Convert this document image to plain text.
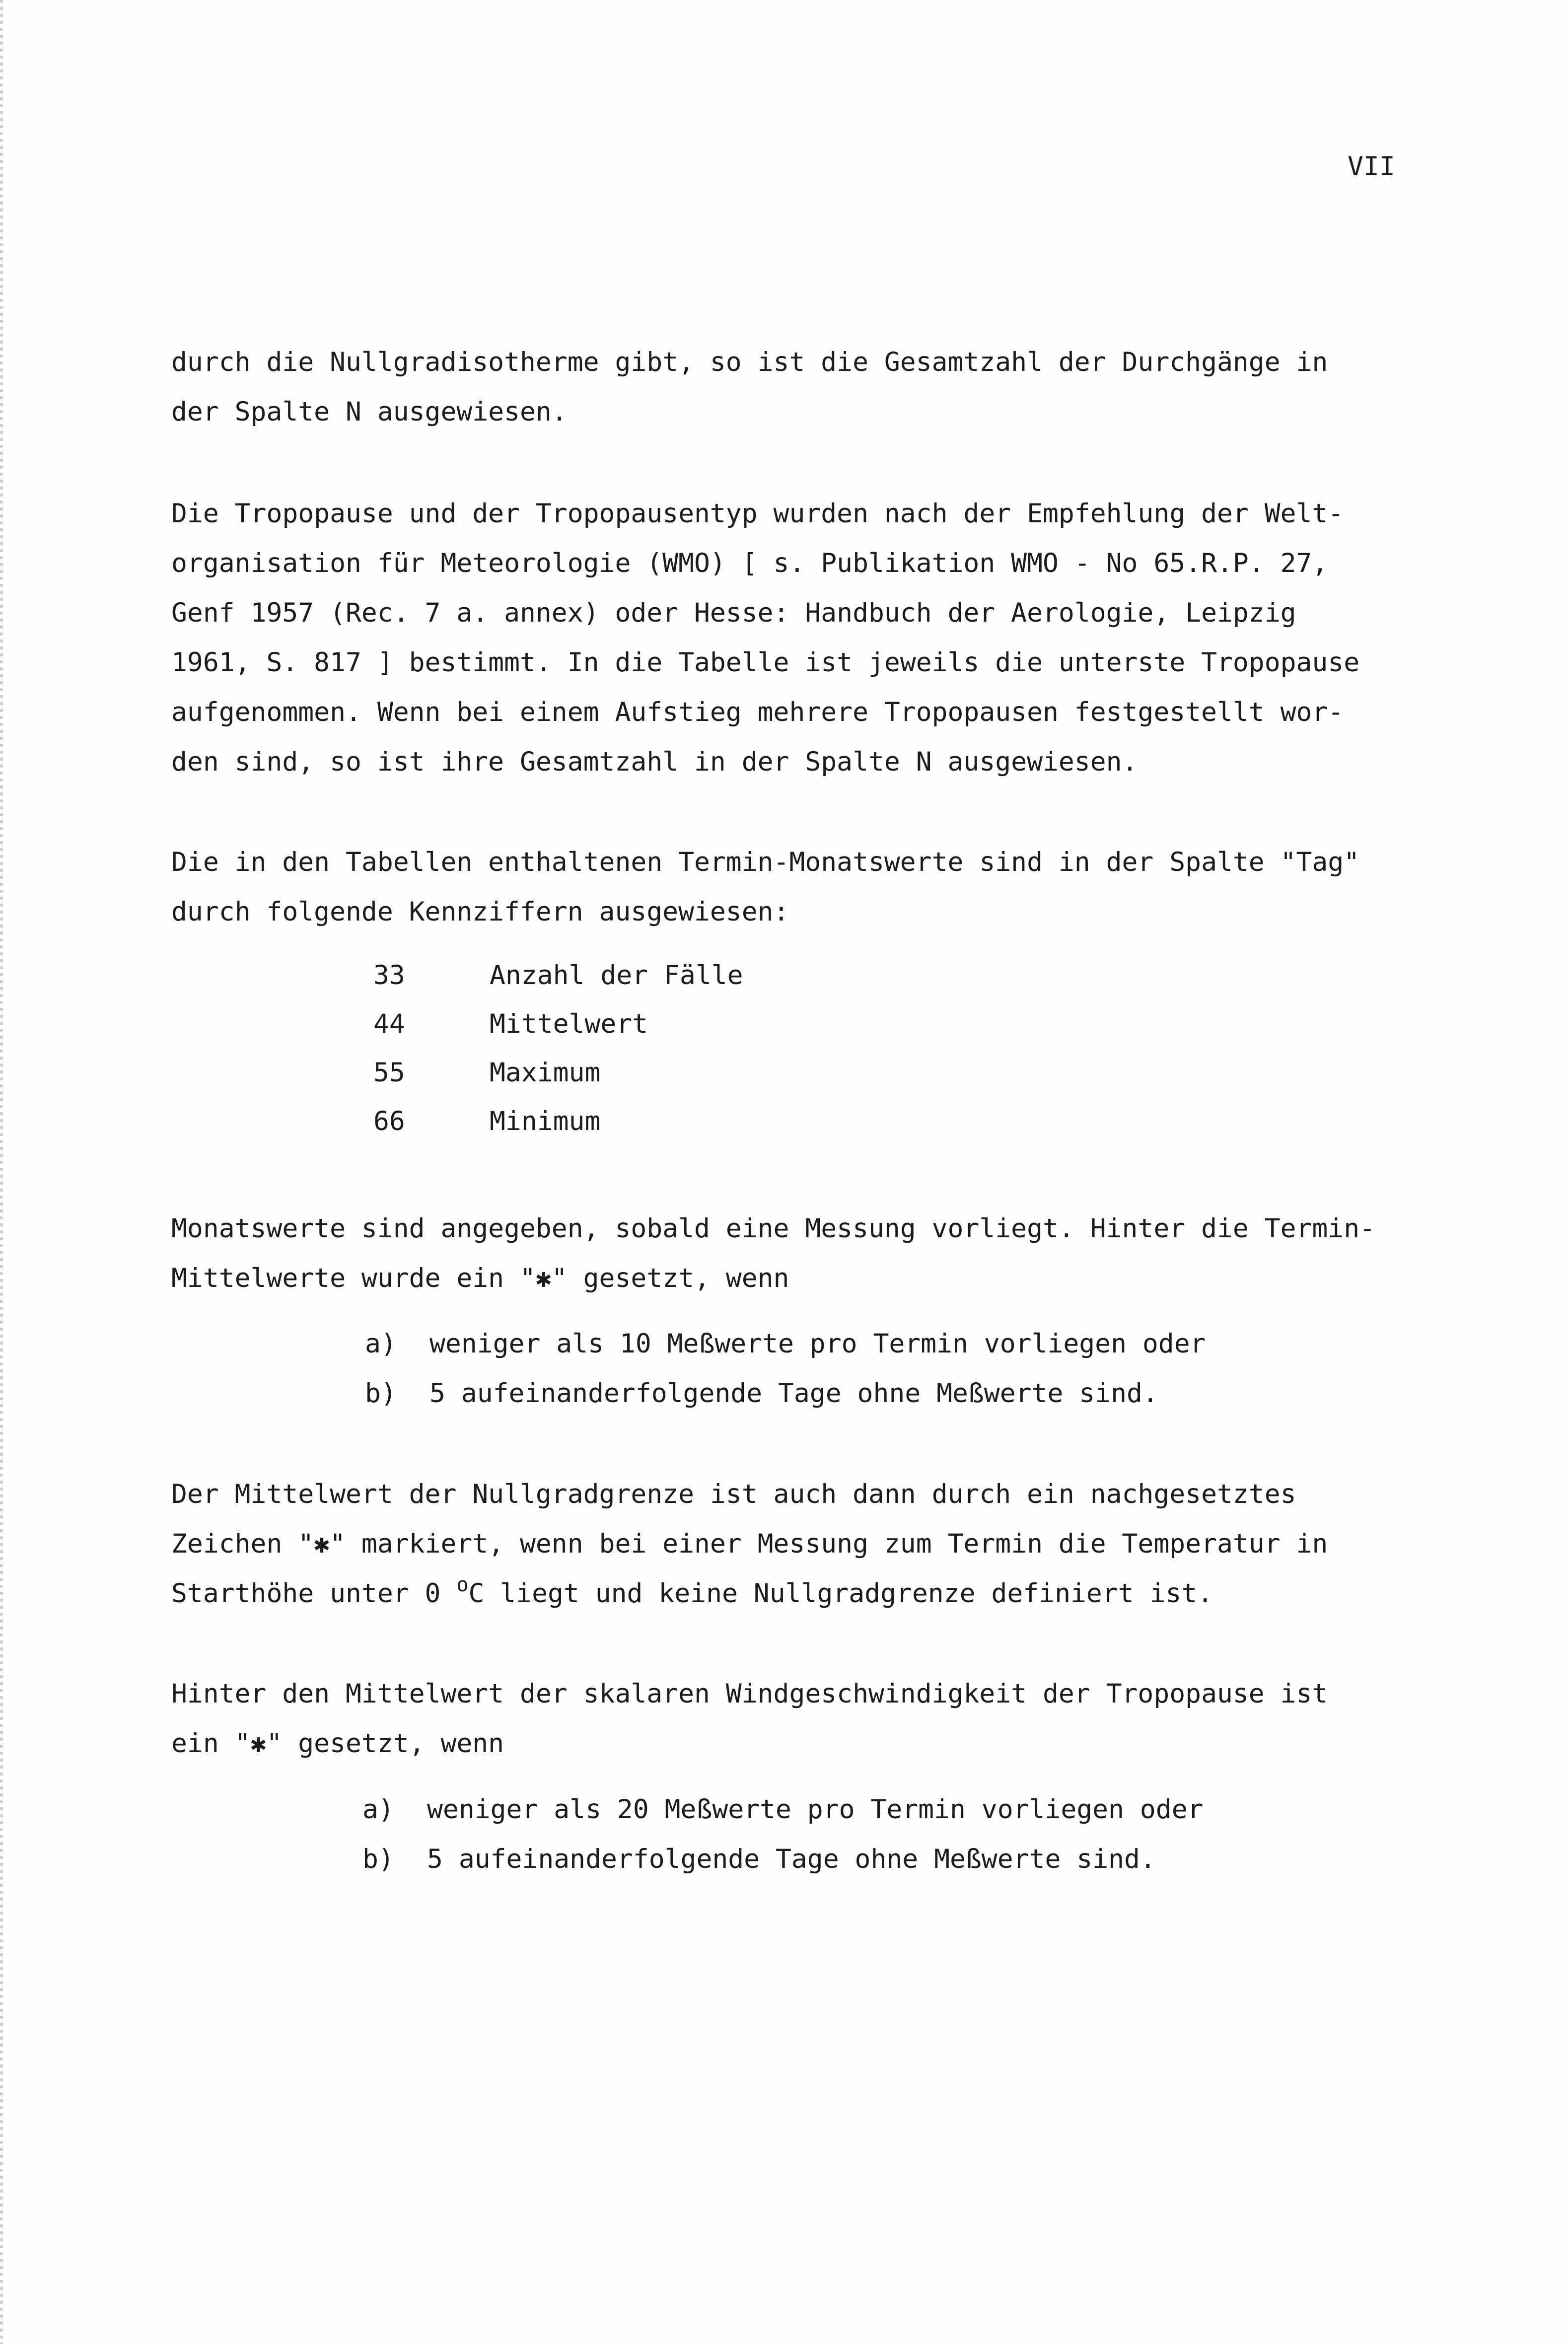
VII
durch die Nullgradisotherme gibt, so ist die Gesamtzahl der Durchgänge in
der Spalte N ausgewiesen.
Die Tropopause und der Tropopausentyp wurden nach der Empfehlung der Welt-
organisation für Meteorologie (WMO) [ s. Publikation WMO - No 65.R.P. 27,
Genf 1957 (Rec. 7 a. annex) oder Hesse: Handbuch der Aerologie, Leipzig
1961, S. 817 ] bestimmt. In die Tabelle ist jeweils die unterste Tropopause
aufgenommen. Wenn bei einem Aufstieg mehrere Tropopausen festgestellt wor-
den sind, so ist ihre Gesamtzahl in der Spalte N ausgewiesen.
Die in den Tabellen enthaltenen Termin-Monatswerte sind in der Spalte "Tag"
durch folgende Kennziffern ausgewiesen:
33	Anzahl der Fälle
44	Mittelwert
55	Maximum
66	Minimum
Monatswerte sind angegeben, sobald eine Messung vorliegt. Hinter die Termin-
Mittelwerte wurde ein "✱" gesetzt, wenn
a) weniger als 10 Meßwerte pro Termin vorliegen oder
b) 5 aufeinanderfolgende Tage ohne Meßwerte sind.
Der Mittelwert der Nullgradgrenze ist auch dann durch ein nachgesetztes
Zeichen "✱" markiert, wenn bei einer Messung zum Termin die Temperatur in
Starthöhe unter 0 $^o$C liegt und keine Nullgradgrenze definiert ist.
Hinter den Mittelwert der skalaren Windgeschwindigkeit der Tropopause ist
ein "✱" gesetzt, wenn
a) weniger als 20 Meßwerte pro Termin vorliegen oder
b) 5 aufeinanderfolgende Tage ohne Meßwerte sind.
